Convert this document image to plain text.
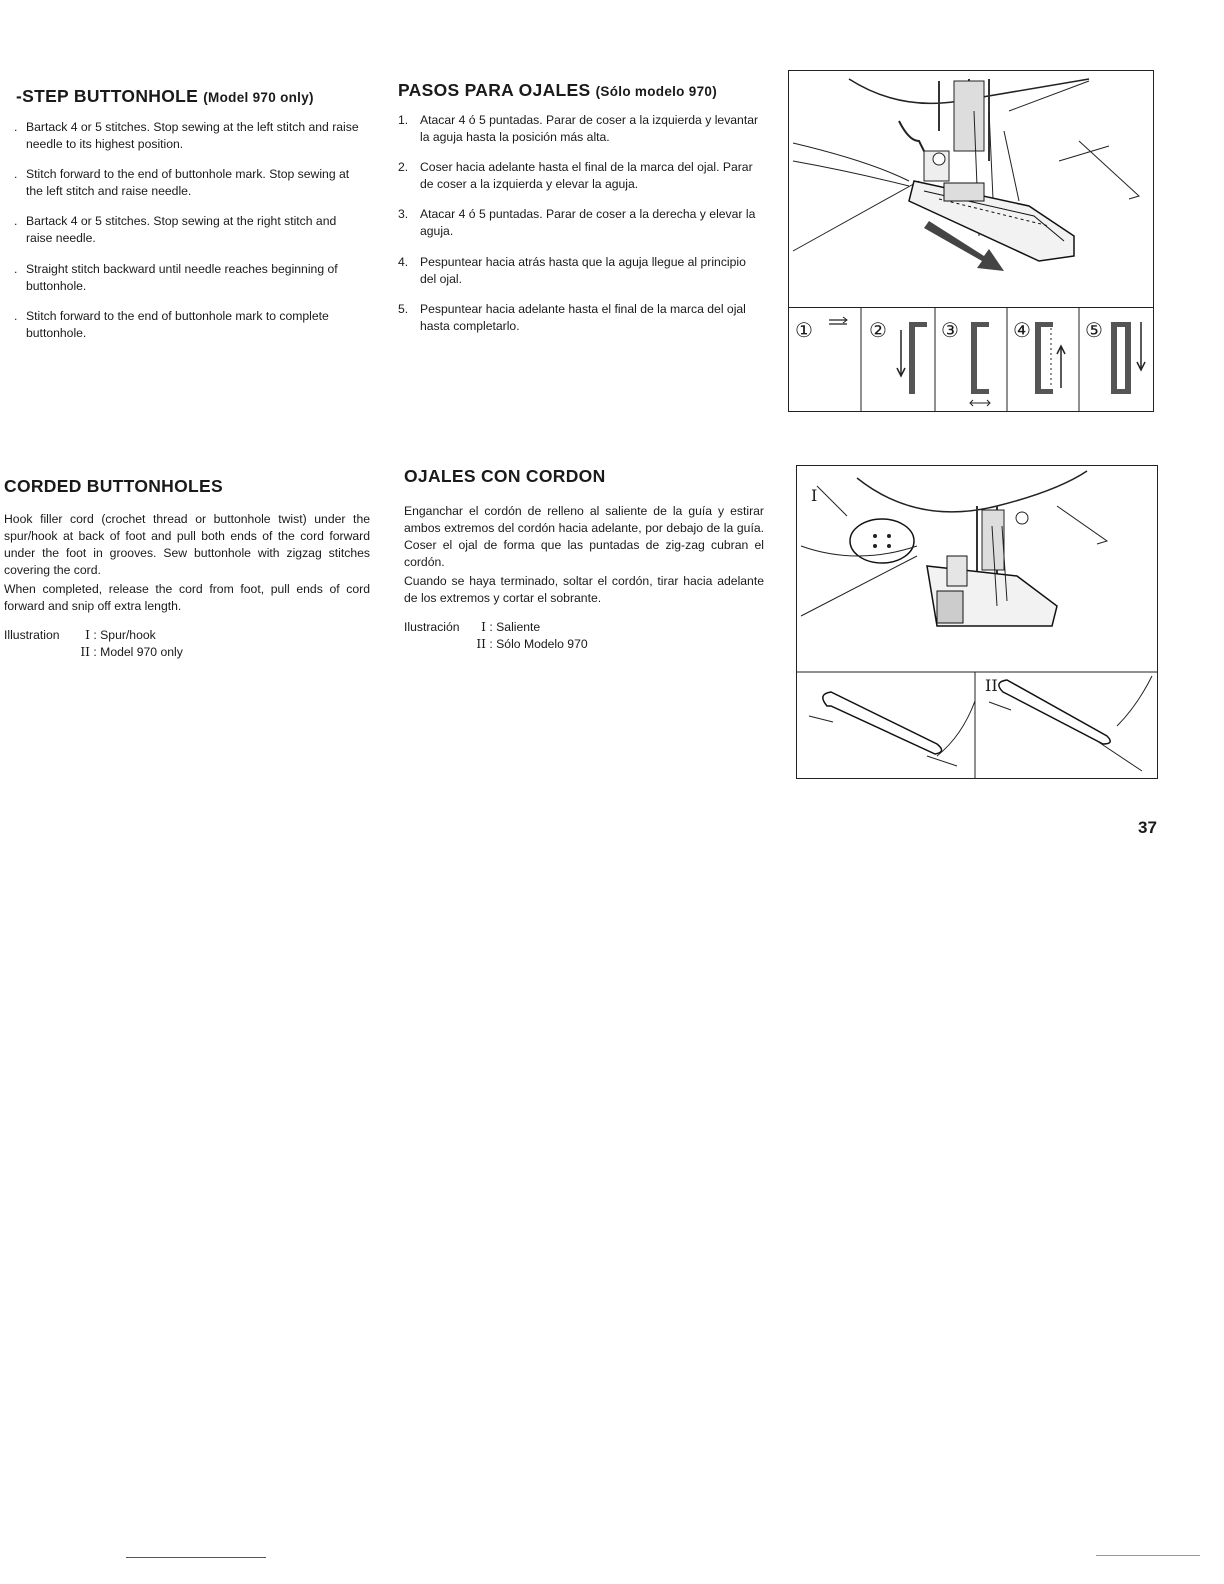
-STEP BUTTONHOLE (Model 970 only)
. Bartack 4 or 5 stitches. Stop sewing at the left stitch and raise needle to its highest position.
. Stitch forward to the end of buttonhole mark. Stop sewing at the left stitch and raise needle.
. Bartack 4 or 5 stitches. Stop sewing at the right stitch and raise needle.
. Straight stitch backward until needle reaches beginning of buttonhole.
. Stitch forward to the end of buttonhole mark to complete buttonhole.
PASOS PARA OJALES (Sólo modelo 970)
1. Atacar 4 ó 5 puntadas. Parar de coser a la izquierda y levantar la aguja hasta la posición más alta.
2. Coser hacia adelante hasta el final de la marca del ojal. Parar de coser a la izquierda y elevar la aguja.
3. Atacar 4 ó 5 puntadas. Parar de coser a la derecha y elevar la aguja.
4. Pespuntear hacia atrás hasta que la aguja llegue al principio del ojal.
5. Pespuntear hacia adelante hasta el final de la marca del ojal hasta completarlo.	①	②	③	④	⑤
CORDED BUTTONHOLES

Hook filler cord (crochet thread or buttonhole twist) under the spur/hook at back of foot and pull both ends of the cord forward under the foot in grooves. Sew buttonhole with zigzag stitches covering the cord.

When completed, release the cord from foot, pull ends of cord forward and snip off extra length.

Illustration	I : Spur/hook
II : Model 970 only
OJALES CON CORDON

Enganchar el cordón de relleno al saliente de la guía y estirar ambos extremos del cordón hacia adelante, por debajo de la guía. Coser el ojal de forma que las puntadas de zig-zag cubran el cordón.

Cuando se haya terminado, soltar el cordón, tirar hacia adelante de los extremos y cortar el sobrante.

Ilustración	I : Saliente
II : Sólo Modelo 970
I
II
37
